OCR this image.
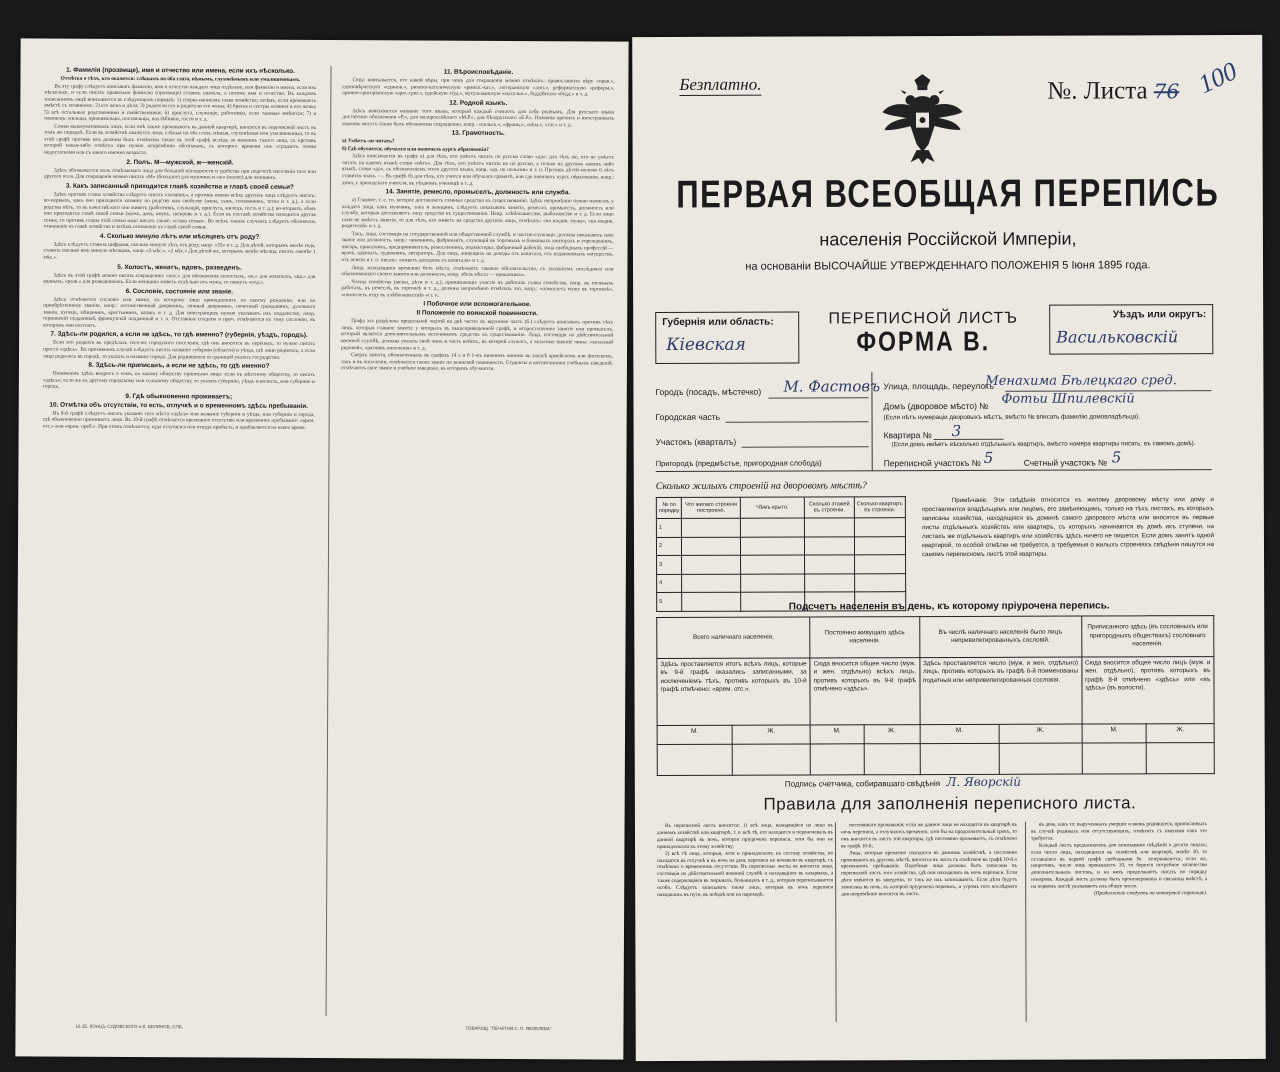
1. Фамилія (прозвище), имя и отчество или имена, если ихъ нѣсколько.

Отмѣтка о тѣхъ, кто окажется: слѣпымъ на оба глаза, нѣмымъ, глухонѣмымъ или умалишеннымъ.

Въ эту графу слѣдуетъ вписывать фамилію, имя и отчество каждаго лица отдѣльно, или фамилію и имена, если ихъ нѣсколько, и если писать правильно фамилію (прозвище) ставить сначала, а потомъ имя и отчество. Въ каждомъ записанномъ лицѣ вписывается въ слѣдующемъ порядкѣ: 1) сперва написанъ глава хозяйства; затѣмъ, если проживаетъ вмѣстѣ съ хозяиномъ: 2) его жена и дѣти; 3) родители его и родители его жены; 4) братья и сестры хозяина и его жены; 5) всѣ остальные родственники и свойственники; 6) прислуга, служащіе, работники, если таковые имѣются; 7) и наконецъ: жильцы, приживальцы, постояльцы, нахлѣбники, гости и т. д.

Семьи вышеуказанныхъ лицъ, если онѣ также проживаютъ въ данной квартирѣ, вносятся въ переписной листъ въ томъ же порядкѣ. Если въ хозяйствѣ окажутся лица, слѣпыя на оба глаза, нѣмыя, глухонѣмыя или умалишенныя, то въ этой графѣ противъ ихъ должны быть отмѣчены также въ этой графѣ вслѣдъ за именемъ такого лица, съ противъ которой какая-либо отмѣтка при нужно непремѣнно обозначать, съ которого времени онъ страдаетъ этими недостатками или съ какого именно возраста.

2. Полъ. М—мужской, ж—женскій.

Здѣсь обозначается полъ отмѣчаемаго лица для большей наглядности и удобства при подсчетѣ населенія того или другого пола. Для сокращенія можно писать «М» (большое) для мужчинъ и «ж» (малое) для женщинъ.

3. Какъ записанный приходится главѣ хозяйства и главѣ своей семьи?

Здѣсь противъ главы хозяйства слѣдуетъ писать «хозяинъ», а противъ имени всѣхъ другихъ лицъ слѣдуетъ писать: во-первыхъ, какъ оно приходится хозяину по родству или свойству (жена, сынъ, племянникъ, тетка и т. д.), а если родства нѣтъ, то въ качествѣ кого оно живетъ (работникъ, служащій, прислуга, жилецъ, гость и т. д.); во-вторыхъ, кѣмъ оно приходится главѣ своей семьи (мужъ, дочь, внукъ, свекровь и т. д.). Если въ составѣ хозяйства находится другая семья, то противъ главы этой семьи надо писать также: «глава семьи». Во всѣхъ такихъ случаяхъ слѣдуетъ обозначать отношеніе къ главѣ хозяйства и затѣмъ отношеніе къ главѣ своей семьи.

4. Сколько минуло лѣтъ или мѣсяцевъ отъ роду?

Здѣсь слѣдуетъ ставить цифрами, сколько минуло лѣтъ отъ роду, напр. «35» и т. д. Для дѣтей, которымъ менѣе года, ставить сколько имъ минуло мѣсяцевъ, напр. «3 мѣс.», «2 мѣс.» Для дѣтей же, которымъ менѣе мѣсяца, писать «менѣе 1 мѣс.».

5. Холостъ, женатъ, вдовъ, разведенъ.

Здѣсь въ этой графѣ можно писать сокращенно: «хол.» для обозначенія холостыхъ, «ж.» для женатыхъ, «вд.» для вдовыхъ, «разв.» для разведенныхъ. Если женщина живетъ отдѣльно отъ мужа, то пишутъ «отд.».

6. Сословіе, состояніе или званіе.

Здѣсь отмѣчается сословіе или званіе, къ которому лицо принадлежитъ по своему рожденію, или по приобрѣтенному званію, напр.: потомственный дворянинъ, личный дворянинъ, почетный гражданинъ, духовнаго званія, купецъ, мѣщанинъ, крестьянинъ, казакъ и т. д. Для иностранцевъ нужно указывать ихъ подданство, напр. германскій подданный, французскій подданный и т. п. Отставные солдаты и проч. отмѣчаются къ тому сословію, въ которомъ они состоятъ.

7. Здѣсь-ли родился, а если не здѣсь, то гдѣ именно? (губернія, уѣздъ, городъ).

Если кто родился въ предѣлахъ того-же городского поселенія, гдѣ онъ вносится въ перепись, то нужно писать просто «здѣсь». Въ противномъ случаѣ слѣдуетъ писать названіе губерніи (области) и уѣзда, гдѣ лицо родилось; а если лицо родилось въ городѣ, то указать и названіе города. Для родившихся за границей указать государство.

8. Здѣсь-ли приписанъ, а если не здѣсь, то гдѣ именно?

Понимаемъ здѣсь вопросъ о томъ, къ какому обществу приписано лицо: если къ мѣстному обществу, то писать «здѣсь»; если же къ другому городскому или сельскому обществу, то указать губернію, уѣздъ и волость, или губернію и городъ.

9. Гдѣ обыкновенно проживаетъ;
10. Отмѣтка объ отсутствіи, то есть, отлучкѣ и о временномъ здѣсь пребываніи.

Въ 9-й графѣ слѣдуетъ писать указаніе того мѣста «здѣсь» или названіе губерніи и уѣзда, или губерніи и города, гдѣ обыкновенно проживаетъ лицо. Въ 10-й графѣ отмѣчается временное отсутствіе или временное пребываніе: «врем. отс.» или «врем. преб.». При этомъ отмѣчается, куда отлучился или откуда прибылъ, и прибавляется на какое время.

11. Вѣроисповѣданіе.

Сюда вписывается, кто какой вѣры, при чемъ для сокращенія можно отмѣчать: православную вѣру «прав.», единовѣрческую «единов.», римско-католическую «римск.-кат.», лютеранскую «лют.», реформатскую «реформ.», армяно-григоріанскую «арм.-григ.», іудейскую «іуд.», мусульманскую «мусульм.», буддійскую «будд.» и т. д.

12. Родной языкъ.

Здѣсь вписывается названіе того языка, который каждый считаетъ для себя роднымъ. Для русскаго языка достаточно обозначенія «Р.», для малороссійскаго «М.Р.», для бѣлорусскаго «Б.Р.». Названія прочихъ и иностранныхъ языковъ могутъ также быть обозначены сокращенно, напр.: «польск.», «франц.», «нѣм.», «тат.» и т. д.

13. Грамотность.

а) Умѣетъ-ли читать?

б) Гдѣ обучается, обучался или окончилъ курсъ образованія?

Здѣсь вписывается въ графу а) для тѣхъ, кто умѣетъ читать по русски слово «да»; для тѣхъ же, кто не умѣетъ читать на какомъ языкѣ слово «нѣтъ». Для тѣхъ, кто умѣетъ читать не по русски, а только на другомъ какомъ либо языкѣ, слово «да», съ обозначеніемъ этого другого языка, напр. «да, по польски» и т. п. Противъ дѣтей моложе 6 лѣтъ ставится знакъ —. Въ графѣ б) для тѣхъ, кто учится или обучался грамотѣ, или где окончилъ курсъ образованія, напр.: дома, у приходскаго учителя, въ уѣздномъ училищѣ и т. д.

14. Занятіе, ремесло, промыселъ, должность или служба.

а) Главное, т. е. то, которое доставляетъ главные средства къ существованію. Здѣсь непремѣнно нужно написать у каждаго лица, какъ мужчинъ, такъ и женщинъ, слѣдуетъ показывать занятіе, ремесло, промыселъ, должность или службу, которыя доставляютъ лицу средства къ существованію. Напр. хлѣбопашество, рыболовство и т. д. Если лицо само не имѣетъ занятія, то для тѣхъ, кто живетъ на средства другихъ лицъ, отмѣчать: «на иждив. мужа», «на иждив. родителей» и т. д.

Такъ, лица, состоящія на государственной или общественной службѣ, и частно-служащіе должны показывать свое званіе или должность, напр.: чиновникъ, фабрикантъ, служащій въ торговыхъ и банковыхъ конторахъ и учрежденіяхъ, писарь, приказчикъ, предприниматель, ремесленникъ, подмастерье, фабричный рабочій, лица свободныхъ профессій — врачъ, адвокатъ, художникъ, литераторъ. Для лицъ, живущихъ на доходы отъ капитала, отъ недвижимыхъ имуществъ, отъ пенсіи и т. п. писать: «живетъ доходомъ съ капитала» и т. д.

Лица, находящіяся временно безъ мѣста, отмѣчаютъ таковое обстоятельство, съ указаніемъ послѣдняго или обыкновеннаго своего занятія или должности, напр. «безъ мѣста — приказчикъ».

Члены семейства (жены, дѣти и т. д.), принимающіе участіе въ работахъ главы семейства, напр. въ полевыхъ работахъ, въ ремеслѣ, въ торговлѣ и т. д., должны непремѣнно отмѣтить это, напр.: «помогаетъ мужу въ торговлѣ», «помогаетъ отцу въ хлѣбопашествѣ» и т. п.

I Побочное или вспомогательное.
II Положеніе по воинской повинности.

Графа эта раздѣлена продольной чертой на двѣ части: въ верхнюю часть (б.) слѣдуетъ вписывать противъ тѣхъ лицъ, которыя главное занятіе у которыхъ въ вышеприведенной графѣ, и второстепенное занятіе или промыселъ, который является дополнительнымъ источникомъ средствъ къ существованію. Лица, состоящія на дѣйствительной военной службѣ, должны указать свой чинъ и часть войскъ, въ которой служатъ, а запасные нижніе чины: «запасный рядовой», «ратникъ ополченія» и т. д.

Сверхъ занятія, обозначенныхъ въ графахъ 14 а и б 1-мъ нижнимъ чиномъ въ запасѣ армейскомъ или флотскомъ, такъ и въ ополченіи, отмѣчается также званіе по воинской повинности. Студенты и воспитанники учебныхъ заведеній, отмѣчаютъ свое званіе и учебное заведеніе, въ которомъ обучаются.

16.1Е. КОНЦЪ СУДОВСКОГО и В. БЕЛИНОВ, СПБ.	ТОВАРИЩ. "ПЕЧАТНЯ С. П. ЯКОВЛЕВА"
Безплатно.	№. Листа 76 100
ПЕРВАЯ ВСЕОБЩАЯ ПЕРЕПИСЬ
населенія Россійской Имперіи,
на основаніи ВЫСОЧАЙШЕ УТВЕРЖДЕННАГО ПОЛОЖЕНІЯ 5 Іюня 1895 года.
Губернія или область:
Кіевская
ПЕРЕПИСНОЙ ЛИСТЪ
ФОРМА В.
Уѣздъ или округъ:
Васильковскій
Городъ (посадъ, мѣстечко) М. Фастовъ
Городская часть
Участокъ (кварталъ)
Пригородъ (предмѣстье, пригородная слобода)
Улица, площадь, переулокъ
Домъ (дворовое мѣсто) №
Менахима Бѣлецкаго сред.
Фотьи Шпилевскій
(Если нѣтъ нумераціи дворовыхъ мѣстъ, вмѣсто № вписать фамилію домовладѣльца).
Квартира № 3
(Если домъ имѣетъ вѣсколько отдѣльныхъ квартиръ, вмѣсто номера квартиры писать: въ самомъ домѣ).
Переписной участокъ № 5	Счетный участокъ № 5
Сколько жилыхъ строеній на дворовомъ мѣстѣ?
№ по порядку	Что жилаго строенія построено.	Чѣмъ крыто.	Сколько этажей въ строеніи.	Сколько квартиръ въ строеніи.
1				
2				
3				
4				
5				
Примѣчаніе. Эти свѣдѣнія относятся къ жилому дворовому мѣсту или дому и проставляются владѣльцемъ или лицомъ, его замѣняющимъ, только на тѣхъ листахъ, въ которыхъ записаны хозяйства, находящіяся въ доминѣ самого дворового мѣста или вносятся въ первые листы отдѣльныхъ хозяйствъ или квартиръ, съ которыхъ начинаются въ домѣ ихъ ступени, на листахъ же отдѣльныхъ квартиръ или хозяйствъ здѣсь ничего не пишется. Если домъ занятъ одной квартирой, то особой отмѣтки не требуется, а требуемыя о жилыхъ строеніяхъ свѣдѣнія пишутся на самомъ переписномъ листѣ этой квартиры.
Подсчетъ населенія въ день, къ которому пріурочена перепись.
Всего наличнаго населенія.		Постоянно живущаго здѣсь населенія.		Въ числѣ наличнаго населенія было лицъ непривилегированныхъ сословій.		Приписанного здѣсь (въ сословныхъ или пригородныхъ обществахъ) сословнаго населенія.	
Здѣсь проставляется итогъ всѣхъ лицъ, которые въ 9-й графѣ оказались записанными, за исключеніемъ тѣхъ, противъ которыхъ въ 10-й графѣ отмѣчено: «врем. отс.».		Сюда вносится общее число (муж. и жен. отдѣльно) всѣхъ лицъ, противъ которыхъ въ 9-й графѣ отмѣчено «здѣсь».		Здѣсь проставляется число (муж. и жен. отдѣльно) лицъ, противъ которыхъ въ графѣ 6-й поименованы податныя или непривилегированныя сословія.		Сюда вносится общее число лицъ (муж. и жен. отдѣльно), противъ которыхъ въ графѣ 8-й отмѣчено «здѣсь» или «въ здѣсь» (въ волости).	
М.	Ж.	М.	Ж.	М.	Ж.	М.	Ж.

Подпись счетчика, собиравшаго свѣдѣнія Л. Яворскій
Правила для заполненія переписного листа.

Въ переписной листъ вносятся: 1) всѣ лица, находящіяся на лицо въ данномъ хозяйствѣ или квартирѣ, т. е. всѣ тѣ, кто находится и переночевалъ въ данной квартирѣ въ ночь, которая пріурочена переписи, хотя бы они не принадлежали къ этому хозяйству;

2) всѣ тѣ лица, которыя, хотя и принадлежатъ къ составу хозяйства, но находятся въ отлучкѣ и въ ночь на день переписи не ночевали въ квартирѣ, съ отмѣткою о временномъ отсутствіи. Въ переписные листы не вносятся лица, состоящія на дѣйствительной военной службѣ и находящіяся въ казармахъ, а также содержащіяся въ тюрьмахъ, больницахъ и т. д., которыя переписываются особо. Слѣдуетъ записывать также лицъ, которыя въ ночь переписи находились въ пути, въ поѣздѣ или на пароходѣ.

постояннаго проживанія; если же данное лицо не находится въ квартирѣ въ ночь переписи, а отлучилось временно, хотя бы на продолжительный срокъ, то онъ вносится въ листъ той квартиры, гдѣ постоянно проживаетъ, съ отмѣткою въ графѣ 10-й;

Лица, которыя временно находятся въ данномъ хозяйствѣ, а постоянно проживаютъ въ другомъ мѣстѣ, вносятся въ листъ съ отмѣткою въ графѣ 10-й о временномъ пребываніи. Подобныя лица должны быть записаны въ переписной листъ того хозяйства, гдѣ они находились въ ночь переписи. Если дѣти имѣются въ заведеніи, то такъ же ихъ записываютъ. Если дѣти будутъ записаны въ ночь, къ которой пріурочена перепись, и утромъ того послѣдняго дня непремѣнно вносятся въ листъ.

въ день, какъ то: вырученныхъ умершіе и вновь родившіеся, приписанныхъ въ случаѣ родивыхъ или отсутствующихъ, отмѣтить съ именами какъ это требуется.

Каждый листъ предназначенъ для записыванія свѣдѣній о десяти лицахъ; если число лицъ, находящихся въ хозяйствѣ или квартирѣ, менѣе 10, то оставшіяся въ первой графѣ свободными № зачеркиваются; если же, напротивъ, число лицъ превышаетъ 10, то берется потребное количество дополнительныхъ листовъ, и на нихъ продолжаютъ писать по порядку номеровъ. Каждый листъ должны быть пронумерованы и связанны вмѣстѣ, а на первомъ листѣ указываютъ ихъ общее число.

(Продолженіе слѣдуетъ на четвертой страницѣ).
